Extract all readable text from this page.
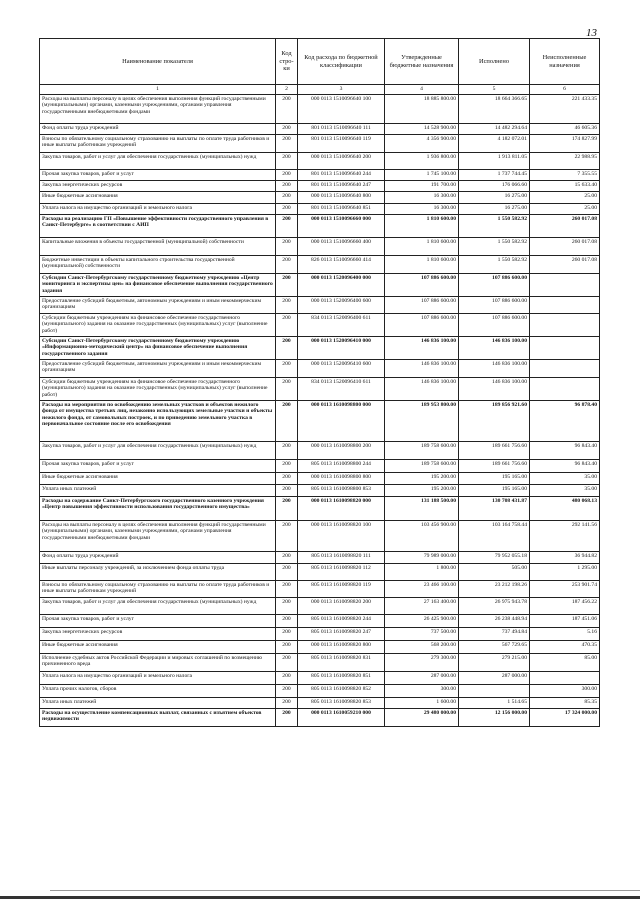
13
Наименование показателя	Код стро-ки	Код расхода по бюджетной классификации	Утвержденные бюджетные назначения	Исполнено	Неисполненные назначения
1	2	3	4	5	6
Расходы на выплаты персоналу в целях обеспечения выполнения функций государственными (муниципальными) органами, казенными учреждениями, органами управления государственными внебюджетными фондами	200	000 0113 1510096640 100	18 885 800.00	18 664 366.65	221 433.35
Фонд оплаты труда учреждений	200	801 0113 1510096640 111	14 528 900.00	14 482 294.64	46 605.36
Взносы по обязательному социальному страхованию на выплаты по оплате труда работников и иные выплаты работникам учреждений	200	801 0113 1510096640 119	4 356 900.00	4 182 072.01	174 827.99
Закупка товаров, работ и услуг для обеспечения государственных (муниципальных) нужд	200	000 0113 1510096640 200	1 936 800.00	1 913 811.05	22 988.95
Прочая закупка товаров, работ и услуг	200	801 0113 1510096640 244	1 745 100.00	1 737 744.45	7 355.55
Закупка энергетических ресурсов	200	801 0113 1510096640 247	191 700.00	176 066.60	15 633.40
Иные бюджетные ассигнования	200	000 0113 1510096640 800	16 300.00	16 275.00	25.00
Уплата налога на имущество организаций и земельного налога	200	801 0113 1510096640 851	16 300.00	16 275.00	25.00
Расходы на реализацию ГП «Повышение эффективности государственного управления в Санкт-Петербурге» в соответствии с АИП	200	000 0113 1510096660 000	1 810 600.00	1 550 582.92	260 017.08
Капитальные вложения в объекты государственной (муниципальной) собственности	200	000 0113 1510096660 400	1 810 600.00	1 550 582.92	260 017.08
Бюджетные инвестиции в объекты капитального строительства государственной (муниципальной) собственности	200	826 0113 1510096660 414	1 810 600.00	1 550 582.92	260 017.08
Субсидии Санкт-Петербургскому государственному бюджетному учреждению «Центр мониторинга и экспертизы цен» на финансовое обеспечение выполнения государственного задания	200	000 0113 1520096400 000	107 886 600.00	107 886 600.00	
Предоставление субсидий бюджетным, автономным учреждениям и иным некоммерческим организациям	200	000 0113 1520096400 600	107 886 600.00	107 886 600.00	
Субсидии бюджетным учреждениям на финансовое обеспечение государственного (муниципального) задания на оказание государственных (муниципальных) услуг (выполнение работ)	200	834 0113 1520096400 611	107 886 600.00	107 886 600.00	
Субсидии Санкт-Петербургскому государственному бюджетному учреждению «Информационно-методический центр» на финансовое обеспечение выполнения государственного задания	200	000 0113 1520096410 000	146 836 100.00	146 836 100.00	
Предоставление субсидий бюджетным, автономным учреждениям и иным некоммерческим организациям	200	000 0113 1520096410 600	146 836 100.00	146 836 100.00	
Субсидии бюджетным учреждениям на финансовое обеспечение государственного (муниципального) задания на оказание государственных (муниципальных) услуг (выполнение работ)	200	834 0113 1520096410 611	146 836 100.00	146 836 100.00	
Расходы на мероприятия по освобождению земельных участков и объектов нежилого фонда от имущества третьих лиц, незаконно использующих земельные участки и объекты нежилого фонда, от самовольных построек, и по приведению земельного участка в первоначальное состояние после его освобождения	200	000 0113 1610098800 000	189 953 800.00	189 856 921.60	96 878.40
Закупка товаров, работ и услуг для обеспечения государственных (муниципальных) нужд	200	000 0113 1610098800 200	189 758 600.00	189 661 756.60	96 843.40
Прочая закупка товаров, работ и услуг	200	805 0113 1610098800 244	189 758 600.00	189 661 756.60	96 843.40
Иные бюджетные ассигнования	200	000 0113 1610098800 800	195 200.00	195 165.00	35.00
Уплата иных платежей	200	805 0113 1610098800 853	195 200.00	195 165.00	35.00
Расходы на содержание Санкт-Петербургского государственного казенного учреждения «Центр повышения эффективности использования государственного имущества»	200	000 0113 1610098820 000	131 188 500.00	130 708 431.87	480 068.13
Расходы на выплаты персоналу в целях обеспечения выполнения функций государственными (муниципальными) органами, казенными учреждениями, органами управления государственными внебюджетными фондами	200	000 0113 1610098820 100	103 456 900.00	103 164 758.44	292 141.56
Фонд оплаты труда учреждений	200	805 0113 1610098820 111	79 989 000.00	79 952 055.18	36 944.82
Иные выплаты персоналу учреждений, за исключением фонда оплаты труда	200	805 0113 1610098820 112	1 800.00	505.00	1 295.00
Взносы по обязательному социальному страхованию на выплаты по оплате труда работников и иные выплаты работникам учреждений	200	805 0113 1610098820 119	23 466 100.00	23 212 198.26	253 901.74
Закупка товаров, работ и услуг для обеспечения государственных (муниципальных) нужд	200	000 0113 1610098820 200	27 163 400.00	26 975 943.78	187 456.22
Прочая закупка товаров, работ и услуг	200	805 0113 1610098820 244	26 425 900.00	26 238 448.94	187 451.06
Закупка энергетических ресурсов	200	805 0113 1610098820 247	737 500.00	737 494.84	5.16
Иные бюджетные ассигнования	200	000 0113 1610098820 800	568 200.00	567 729.65	470.35
Исполнение судебных актов Российской Федерации и мировых соглашений по возмещению причиненного вреда	200	805 0113 1610098820 831	279 300.00	279 215.00	85.00
Уплата налога на имущество организаций и земельного налога	200	805 0113 1610098820 851	287 000.00	287 000.00	
Уплата прочих налогов, сборов	200	805 0113 1610098820 852	300.00		300.00
Уплата иных платежей	200	805 0113 1610098820 853	1 600.00	1 514.65	85.35
Расходы на осуществление компенсационных выплат, связанных с изъятием объектов недвижимости	200	000 0113 1610059210 000	29 480 000.00	12 156 000.00	17 324 000.00
